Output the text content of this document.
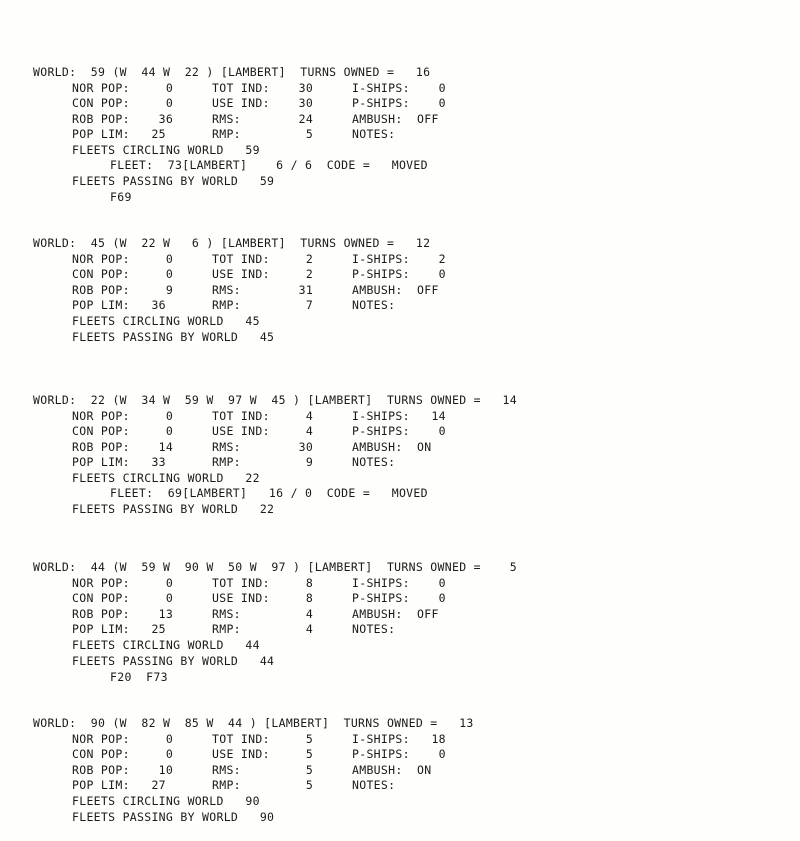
WORLD:  59 (W  44 W  22 ) [LAMBERT]  TURNS OWNED =   16
NOR POP:     0	TOT IND:    30	I-SHIPS:    0
CON POP:     0	USE IND:    30	P-SHIPS:    0
ROB POP:    36	RMS:        24	AMBUSH:  OFF
POP LIM:   25	RMP:         5	NOTES:
FLEETS CIRCLING WORLD   59
FLEET:  73[LAMBERT]    6 / 6  CODE =   MOVED
FLEETS PASSING BY WORLD   59
F69
WORLD:  45 (W  22 W   6 ) [LAMBERT]  TURNS OWNED =   12
NOR POP:     0	TOT IND:     2	I-SHIPS:    2
CON POP:     0	USE IND:     2	P-SHIPS:    0
ROB POP:     9	RMS:        31	AMBUSH:  OFF
POP LIM:   36	RMP:         7	NOTES:
FLEETS CIRCLING WORLD   45
FLEETS PASSING BY WORLD   45
WORLD:  22 (W  34 W  59 W  97 W  45 ) [LAMBERT]  TURNS OWNED =   14
NOR POP:     0	TOT IND:     4	I-SHIPS:   14
CON POP:     0	USE IND:     4	P-SHIPS:    0
ROB POP:    14	RMS:        30	AMBUSH:  ON
POP LIM:   33	RMP:         9	NOTES:
FLEETS CIRCLING WORLD   22
FLEET:  69[LAMBERT]   16 / 0  CODE =   MOVED
FLEETS PASSING BY WORLD   22
WORLD:  44 (W  59 W  90 W  50 W  97 ) [LAMBERT]  TURNS OWNED =    5
NOR POP:     0	TOT IND:     8	I-SHIPS:    0
CON POP:     0	USE IND:     8	P-SHIPS:    0
ROB POP:    13	RMS:         4	AMBUSH:  OFF
POP LIM:   25	RMP:         4	NOTES:
FLEETS CIRCLING WORLD   44
FLEETS PASSING BY WORLD   44
F20  F73
WORLD:  90 (W  82 W  85 W  44 ) [LAMBERT]  TURNS OWNED =   13
NOR POP:     0	TOT IND:     5	I-SHIPS:   18
CON POP:     0	USE IND:     5	P-SHIPS:    0
ROB POP:    10	RMS:         5	AMBUSH:  ON
POP LIM:   27	RMP:         5	NOTES:
FLEETS CIRCLING WORLD   90
FLEETS PASSING BY WORLD   90
